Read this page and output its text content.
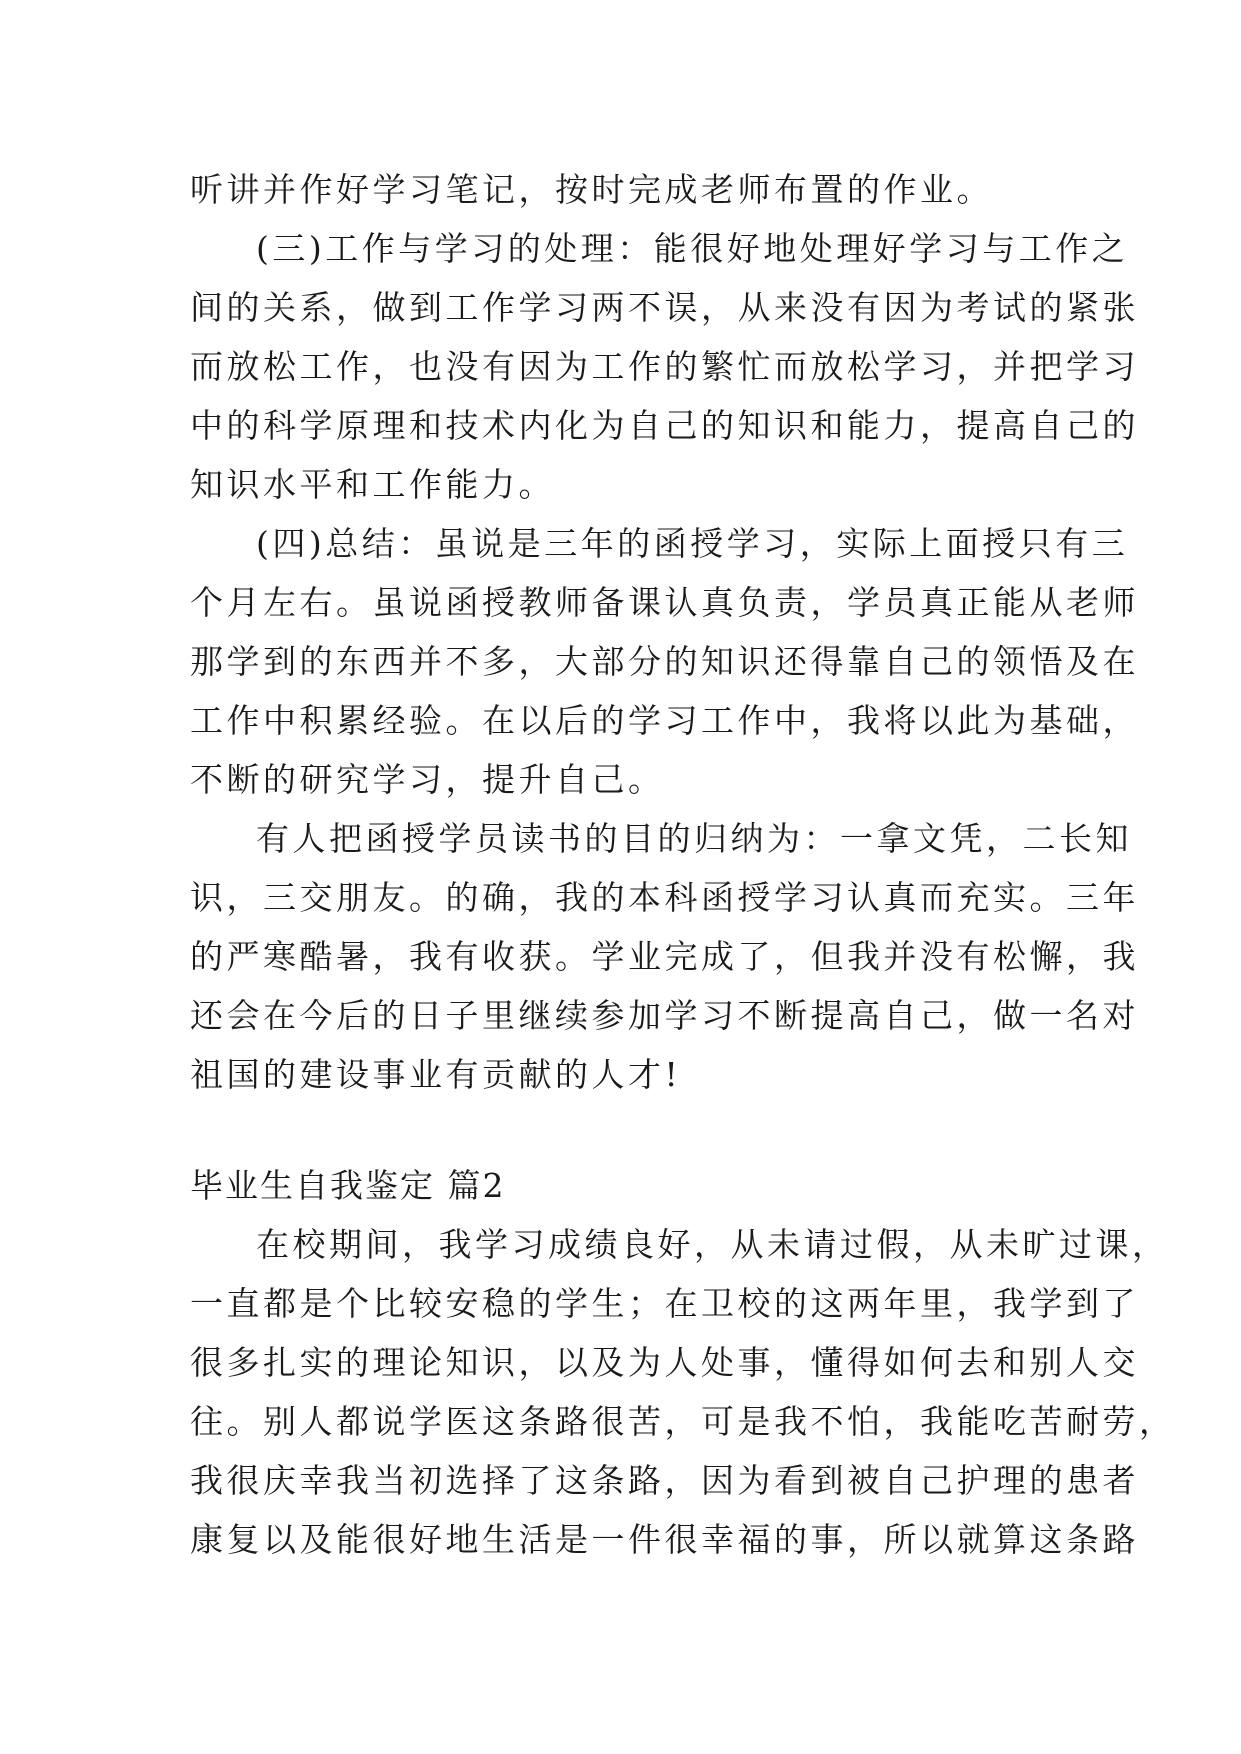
听讲并作好学习笔记，按时完成老师布置的作业。
(三)工作与学习的处理：能很好地处理好学习与工作之
间的关系，做到工作学习两不误，从来没有因为考试的紧张
而放松工作，也没有因为工作的繁忙而放松学习，并把学习
中的科学原理和技术内化为自己的知识和能力，提高自己的
知识水平和工作能力。
(四)总结：虽说是三年的函授学习，实际上面授只有三
个月左右。虽说函授教师备课认真负责，学员真正能从老师
那学到的东西并不多，大部分的知识还得靠自己的领悟及在
工作中积累经验。在以后的学习工作中，我将以此为基础，
不断的研究学习，提升自己。
有人把函授学员读书的目的归纳为：一拿文凭，二长知
识，三交朋友。的确，我的本科函授学习认真而充实。三年
的严寒酷暑，我有收获。学业完成了，但我并没有松懈，我
还会在今后的日子里继续参加学习不断提高自己，做一名对
祖国的建设事业有贡献的人才!
毕业生自我鉴定 篇2
在校期间，我学习成绩良好，从未请过假，从未旷过课，
一直都是个比较安稳的学生；在卫校的这两年里，我学到了
很多扎实的理论知识，以及为人处事，懂得如何去和别人交
往。别人都说学医这条路很苦，可是我不怕，我能吃苦耐劳，
我很庆幸我当初选择了这条路，因为看到被自己护理的患者
康复以及能很好地生活是一件很幸福的事，所以就算这条路
